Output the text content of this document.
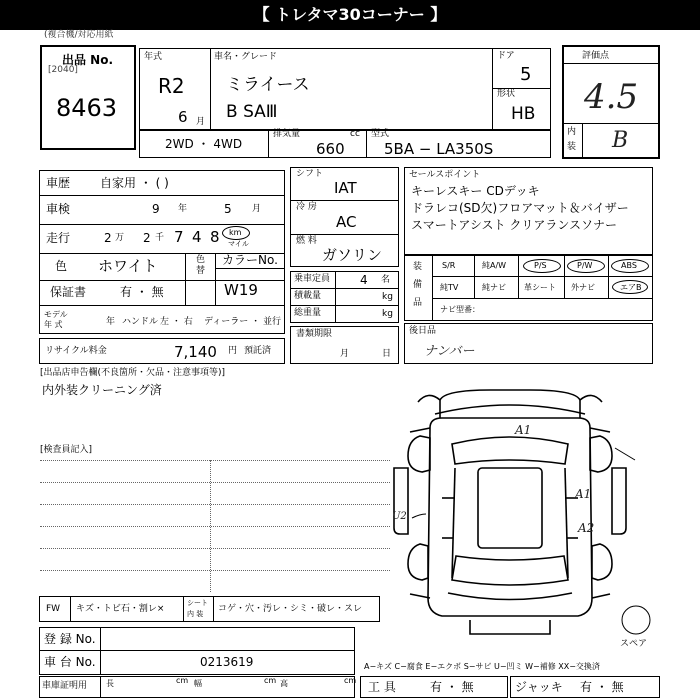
【 トレタマ30コーナー 】
(複合機/対応用紙
出品 No.
[2040]
8463
年式
R2
6 月
車名・グレード
ミライース
B SAⅢ
ドア
5
形状
HB
2WD ・ 4WD
排気量	cc
660
型式
5BA − LA350S
評価点
4.5
内
装 B
車歴 自家用 ・ ( )
車検	9 年	5 月
走行	2 万 2 千 7 4 8 km
マイル
色 ホワイト	色
替
カラーNo.
W19
保証書	有 ・ 無
モデル
年 式	年 ハンドル 左 ・ 右 ディーラー ・ 並行
シフト
IAT
冷 房
AC
燃 料
ガソリン
乗車定員 4 名
積載量	kg
総重量	kg
書類期限
月	日
リサイクル料金	7,140 円 預託済
セールスポイント
キーレスキー CDデッキ
ドラレコ(SD欠)フロアマット＆バイザー
スマートアシスト クリアランスソナー
装
備
品
S/R	純A/W	P/S	P/W	ABS
純TV	純ナビ 革シート 外ナビ	エアB
ナビ型番：
後日品
ナンバー
[出品店申告欄(不良箇所・欠品・注意事項等)]
内外装クリーニング済
[検査員記入]
A1
A1
A2
U2
スペア
FW キズ・トビ石・割レ×
シート
内 装 コゲ・穴・汚レ・シミ・破レ・スレ
登 録 No.
車 台 No.	0213619	A−キズ C−腐食 E−エクボ S−サビ U−凹ミ W−補修 XX−交換済
車庫証明用 長	cm 幅	cm 高	cm 工 具	有 ・ 無	ジャッキ 有 ・ 無
